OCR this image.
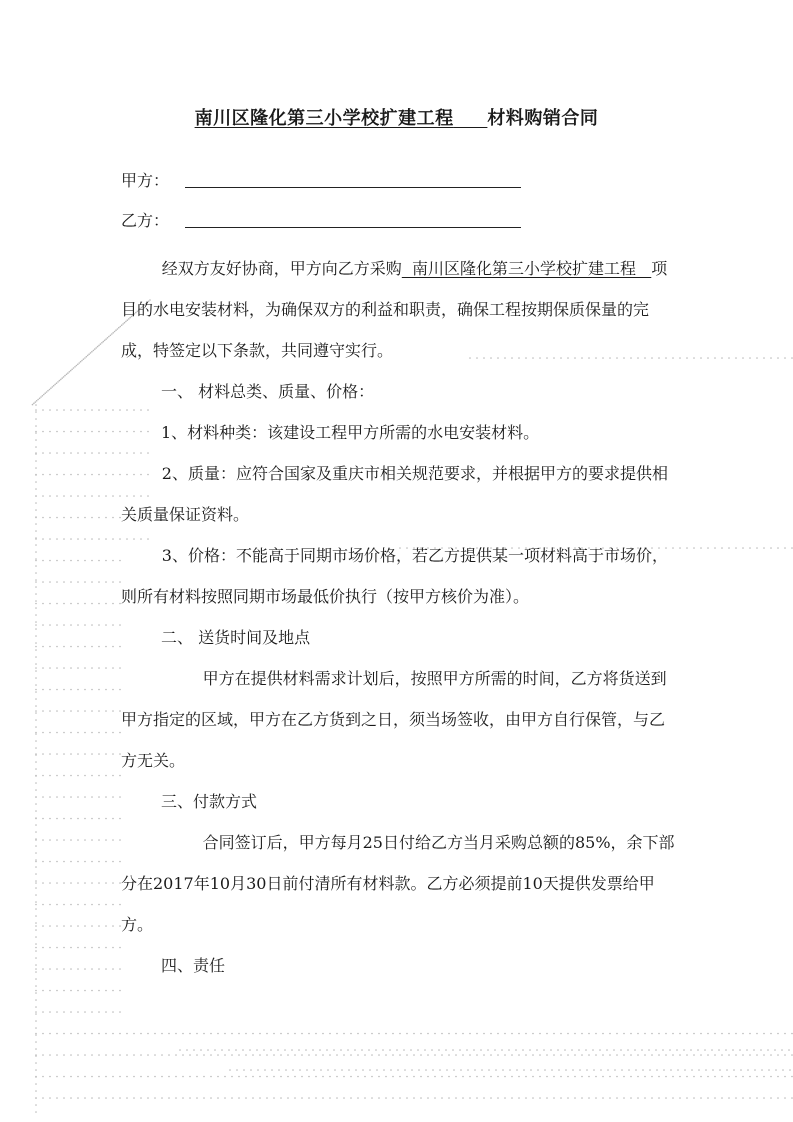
南川区隆化第三小学校扩建工程 材料购销合同
甲方：
乙方：

经双方友好协商，甲方向乙方采购 南川区隆化第三小学校扩建工程 项目的水电安装材料，为确保双方的利益和职责，确保工程按期保质保量的完成，特签定以下条款，共同遵守实行。

一、 材料总类、质量、价格：

1、材料种类：该建设工程甲方所需的水电安装材料。

2、质量：应符合国家及重庆市相关规范要求，并根据甲方的要求提供相关质量保证资料。

3、价格：不能高于同期市场价格，若乙方提供某一项材料高于市场价，则所有材料按照同期市场最低价执行（按甲方核价为准）。

二、 送货时间及地点

甲方在提供材料需求计划后，按照甲方所需的时间，乙方将货送到甲方指定的区域，甲方在乙方货到之日，须当场签收，由甲方自行保管，与乙方无关。

三、付款方式

合同签订后，甲方每月25日付给乙方当月采购总额的85%，余下部分在2017年10月30日前付清所有材料款。乙方必须提前10天提供发票给甲方。

四、责任
